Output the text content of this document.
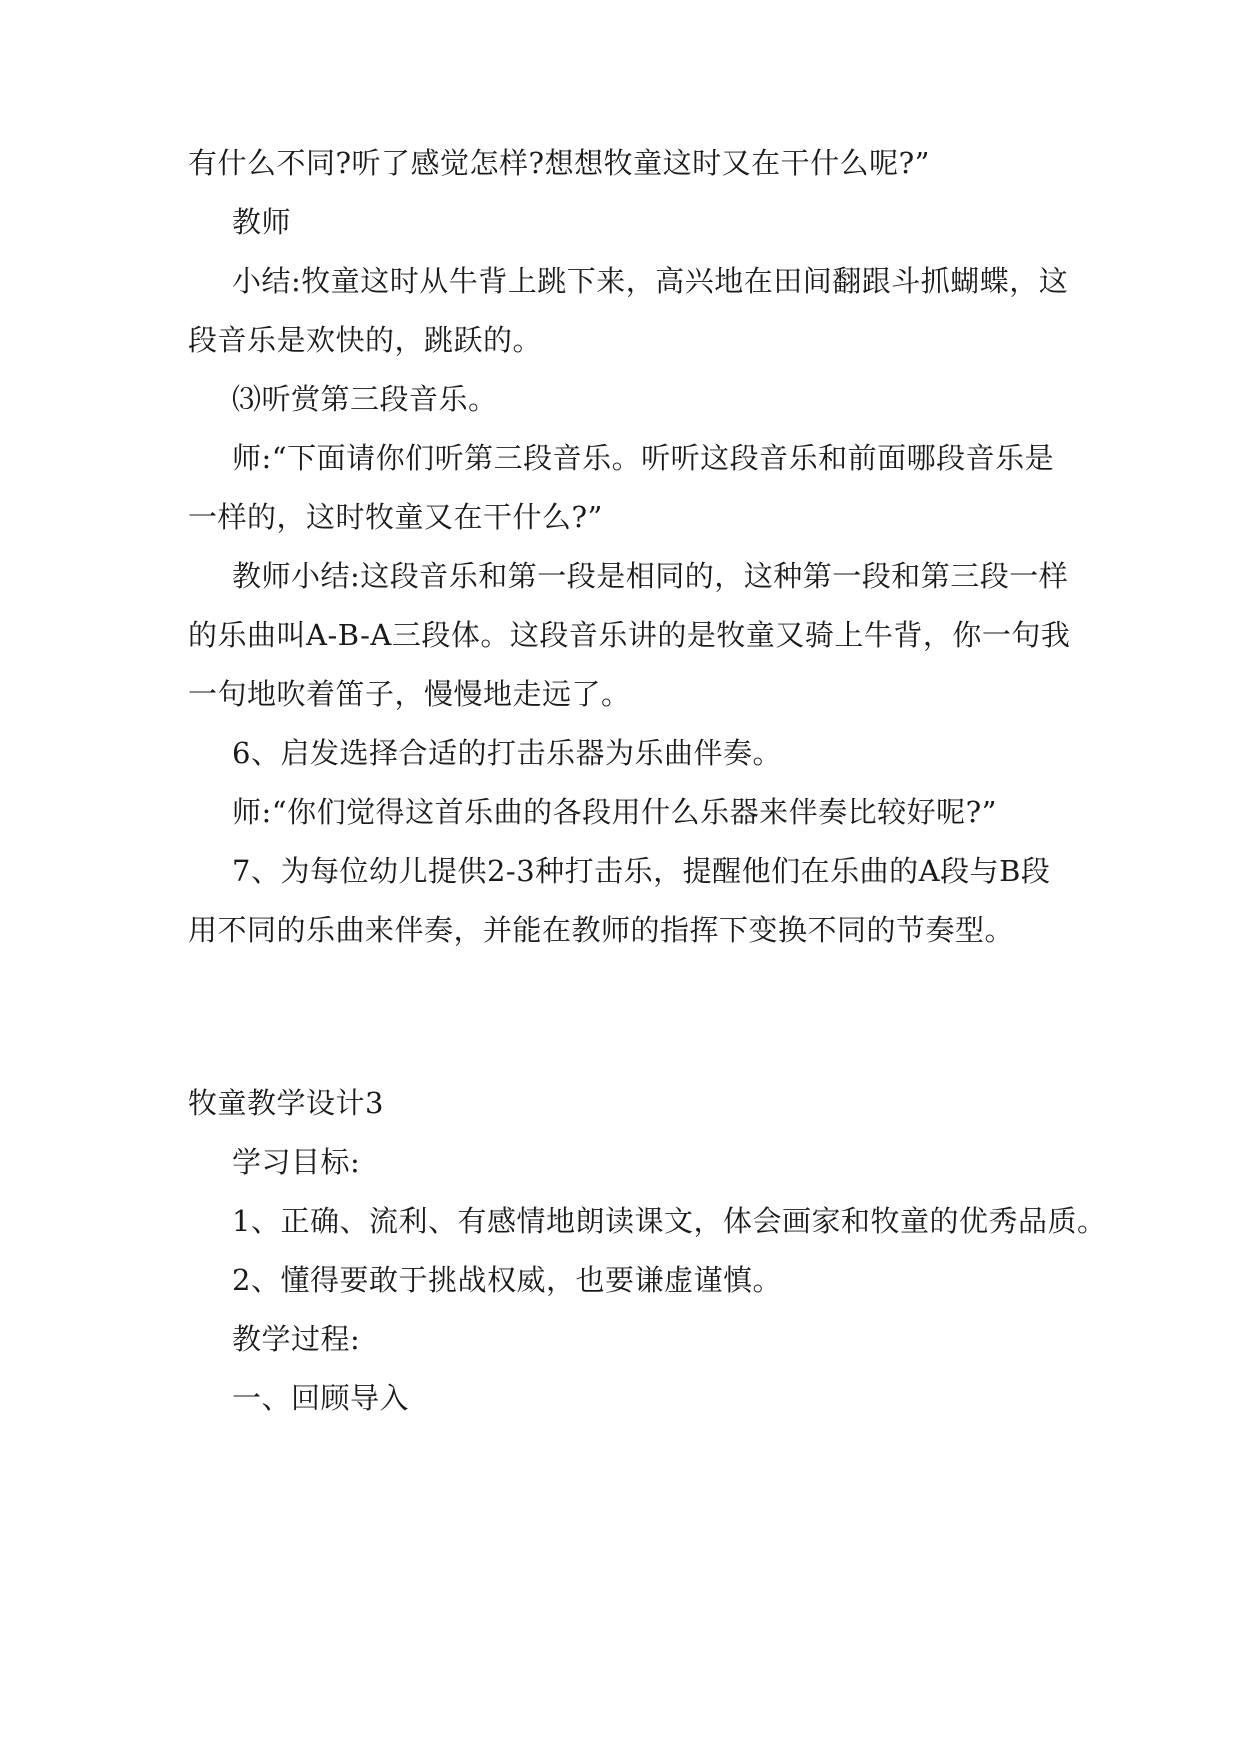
有什么不同?听了感觉怎样?想想牧童这时又在干什么呢?”
教师
小结:牧童这时从牛背上跳下来，高兴地在田间翻跟斗抓蝴蝶，这
段音乐是欢快的，跳跃的。
⑶听赏第三段音乐。
师:“下面请你们听第三段音乐。听听这段音乐和前面哪段音乐是
一样的，这时牧童又在干什么?”
教师小结:这段音乐和第一段是相同的，这种第一段和第三段一样
的乐曲叫A-B-A三段体。这段音乐讲的是牧童又骑上牛背，你一句我
一句地吹着笛子，慢慢地走远了。
6、启发选择合适的打击乐器为乐曲伴奏。
师:“你们觉得这首乐曲的各段用什么乐器来伴奏比较好呢?”
7、为每位幼儿提供2-3种打击乐，提醒他们在乐曲的A段与B段
用不同的乐曲来伴奏，并能在教师的指挥下变换不同的节奏型。
牧童教学设计3
学习目标:
1、正确、流利、有感情地朗读课文，体会画家和牧童的优秀品质。
2、懂得要敢于挑战权威，也要谦虚谨慎。
教学过程:
一、回顾导入
